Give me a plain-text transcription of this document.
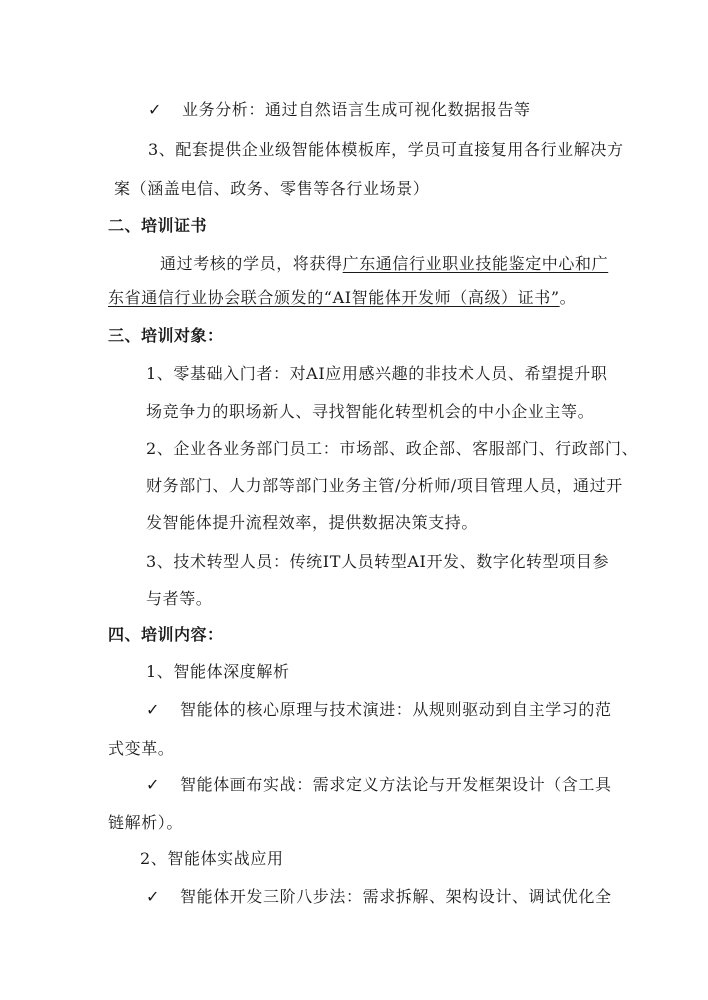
✓ 业务分析：通过自然语言生成可视化数据报告等
3、配套提供企业级智能体模板库，学员可直接复用各行业解决方
案（涵盖电信、政务、零售等各行业场景）
二、培训证书
通过考核的学员，将获得广东通信行业职业技能鉴定中心和广
东省通信行业协会联合颁发的“AI智能体开发师（高级）证书”。
三、培训对象：
1、零基础入门者：对AI应用感兴趣的非技术人员、希望提升职
场竞争力的职场新人、寻找智能化转型机会的中小企业主等。
2、企业各业务部门员工：市场部、政企部、客服部门、行政部门、
财务部门、人力部等部门业务主管/分析师/项目管理人员，通过开
发智能体提升流程效率，提供数据决策支持。
3、技术转型人员：传统IT人员转型AI开发、数字化转型项目参
与者等。
四、培训内容：
1、智能体深度解析
✓ 智能体的核心原理与技术演进：从规则驱动到自主学习的范
式变革。
✓ 智能体画布实战：需求定义方法论与开发框架设计（含工具
链解析）。
2、智能体实战应用
✓ 智能体开发三阶八步法：需求拆解、架构设计、调试优化全
